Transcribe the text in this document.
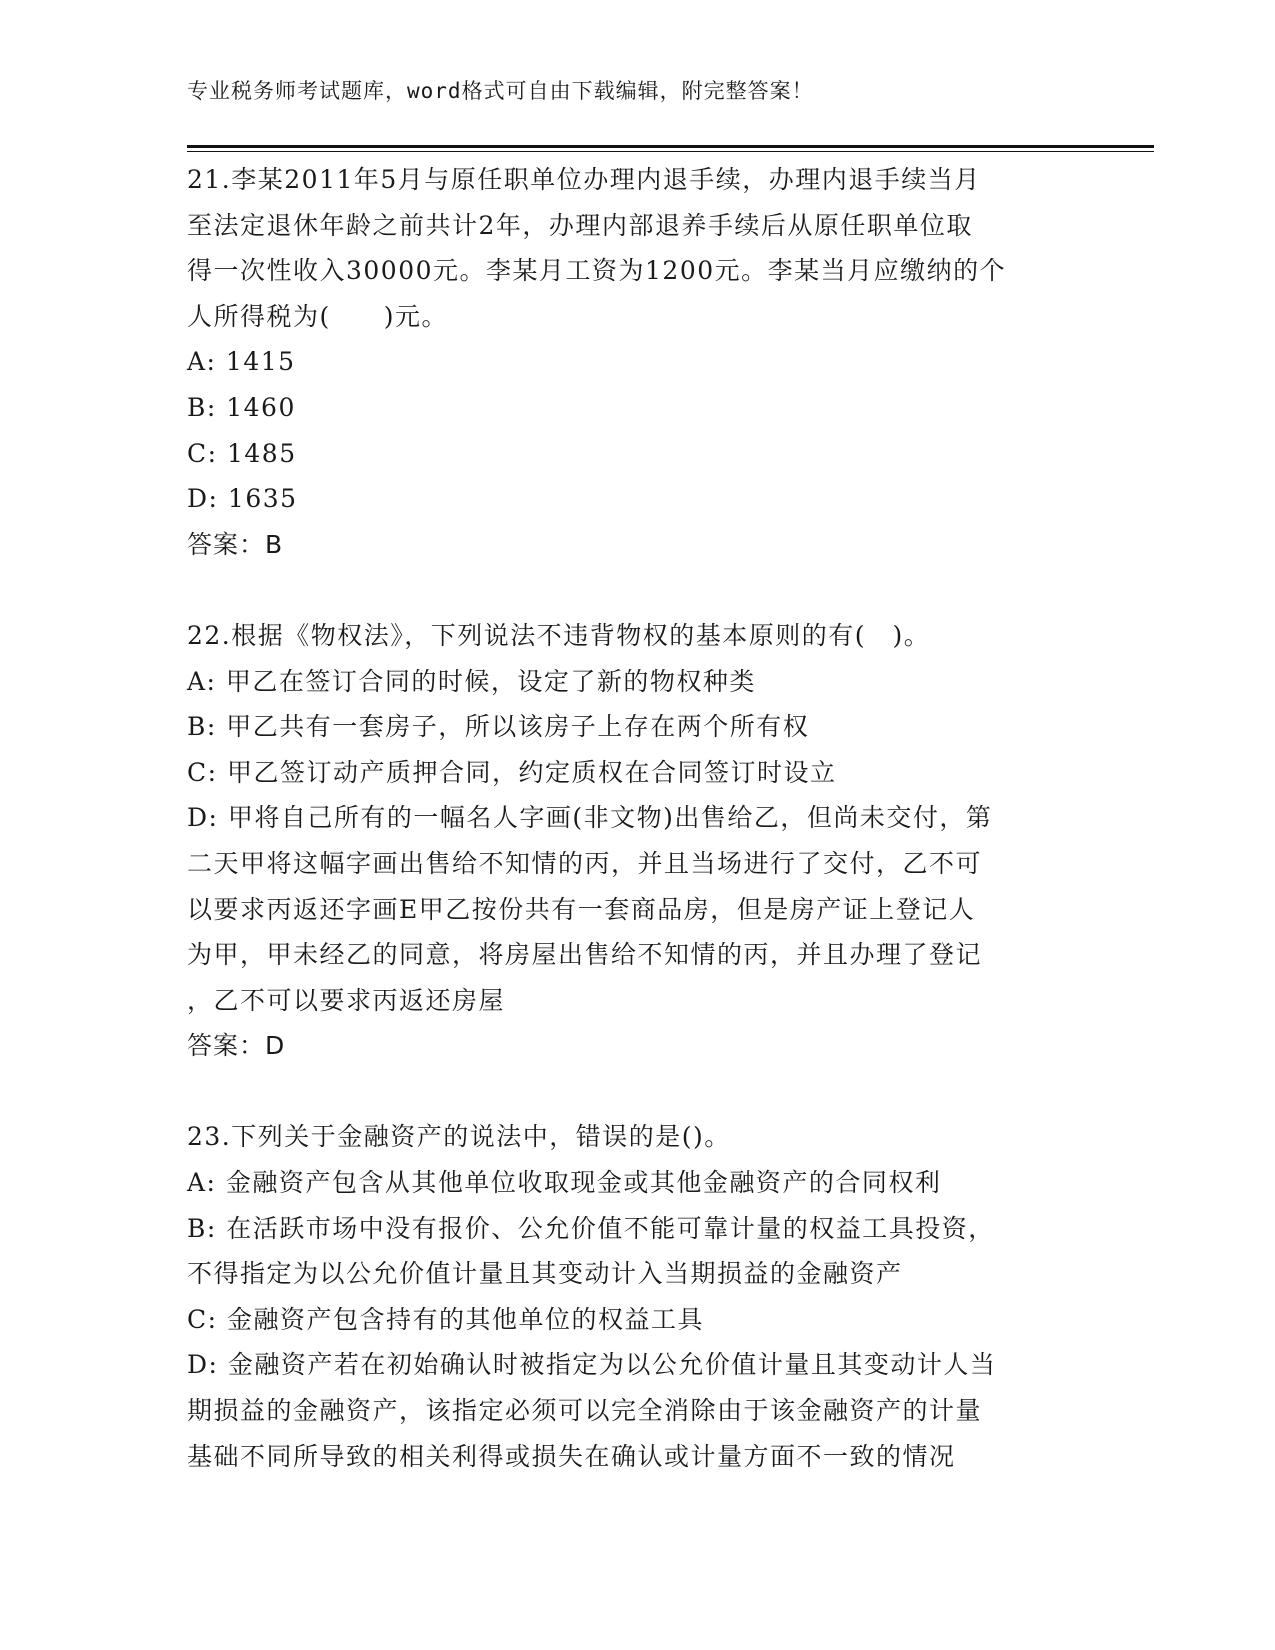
专业税务师考试题库，word格式可自由下载编辑，附完整答案！
21.李某2011年5月与原任职单位办理内退手续，办理内退手续当月
至法定退休年龄之前共计2年，办理内部退养手续后从原任职单位取
得一次性收入30000元。李某月工资为1200元。李某当月应缴纳的个
人所得税为(　　)元。
A: 1415
B: 1460
C: 1485
D: 1635
答案：B
22.根据《物权法》，下列说法不违背物权的基本原则的有(　)。
A: 甲乙在签订合同的时候，设定了新的物权种类
B: 甲乙共有一套房子，所以该房子上存在两个所有权
C: 甲乙签订动产质押合同，约定质权在合同签订时设立
D: 甲将自己所有的一幅名人字画(非文物)出售给乙，但尚未交付，第
二天甲将这幅字画出售给不知情的丙，并且当场进行了交付，乙不可
以要求丙返还字画E甲乙按份共有一套商品房，但是房产证上登记人
为甲，甲未经乙的同意，将房屋出售给不知情的丙，并且办理了登记
，乙不可以要求丙返还房屋
答案：D
23.下列关于金融资产的说法中，错误的是()。
A: 金融资产包含从其他单位收取现金或其他金融资产的合同权利
B: 在活跃市场中没有报价、公允价值不能可靠计量的权益工具投资，
不得指定为以公允价值计量且其变动计入当期损益的金融资产
C: 金融资产包含持有的其他单位的权益工具
D: 金融资产若在初始确认时被指定为以公允价值计量且其变动计人当
期损益的金融资产，该指定必须可以完全消除由于该金融资产的计量
基础不同所导致的相关利得或损失在确认或计量方面不一致的情况
